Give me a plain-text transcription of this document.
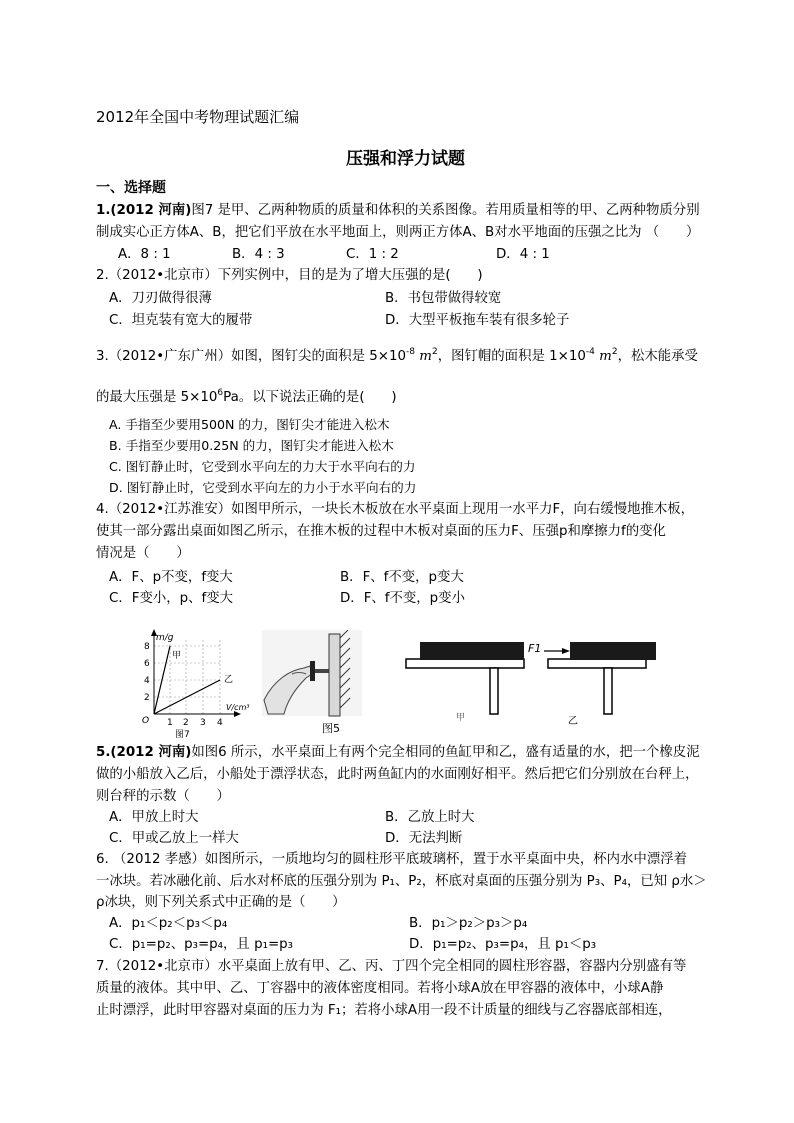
2012年全国中考物理试题汇编
压强和浮力试题
一、选择题
1.(2012 河南)图7 是甲、乙两种物质的质量和体积的关系图像。若用质量相等的甲、乙两种物质分别
制成实心正方体A、B，把它们平放在水平地面上，则两正方体A、B对水平地面的压强之比为 （　　）
A．8 : 1	B．4 : 3	C．1 : 2	D．4 : 1
2.（2012•北京市）下列实例中，目的是为了增大压强的是(　　)
A．刀刃做得很薄	B．书包带做得较宽
C．坦克装有宽大的履带	D．大型平板拖车装有很多轮子
3.（2012•广东广州）如图，图钉尖的面积是 $5\times 10^{-8}$ $m^2$，图钉帽的面积是 $1\times 10^{-4}$ $m^2$，松木能承受
的最大压强是 $5\times 10^6Pa$。以下说法正确的是(　　)
A. 手指至少要用500N 的力，图钉尖才能进入松木
B. 手指至少要用0.25N 的力，图钉尖才能进入松木
C. 图钉静止时，它受到水平向左的力大于水平向右的力
D. 图钉静止时，它受到水平向左的力小于水平向右的力
4.（2012•江苏淮安）如图甲所示，一块长木板放在水平桌面上现用一水平力F，向右缓慢地推木板，
使其一部分露出桌面如图乙所示，在推木板的过程中木板对桌面的压力F、压强p和摩擦力f的变化
情况是（　　）
A．F、p不变，f变大	B．F、f不变，p变大
C．F变小，p、f变大	D．F、f不变，p变小
m/g
8
6
4
2
O 1 2 3 4
V/cm³
甲
乙
图7	图5
甲
F1
乙
5.(2012 河南)如图6 所示，水平桌面上有两个完全相同的鱼缸甲和乙，盛有适量的水，把一个橡皮泥
做的小船放入乙后，小船处于漂浮状态，此时两鱼缸内的水面刚好相平。然后把它们分别放在台秤上，
则台秤的示数（　　）
A．甲放上时大	B．乙放上时大
C．甲或乙放上一样大	D．无法判断
6. （2012 孝感）如图所示，一质地均匀的圆柱形平底玻璃杯，置于水平桌面中央，杯内水中漂浮着
一冰块。若冰融化前、后水对杯底的压强分别为 P₁、P₂，杯底对桌面的压强分别为 P₃、P₄，已知 ρ水＞
ρ冰块，则下列关系式中正确的是（　　）
A．p₁＜p₂＜p₃＜p₄	B．p₁＞p₂＞p₃＞p₄
C．p₁=p₂、p₃=p₄，且 p₁=p₃	D．p₁=p₂、p₃=p₄，且 p₁＜p₃
7.（2012•北京市）水平桌面上放有甲、乙、丙、丁四个完全相同的圆柱形容器，容器内分别盛有等
质量的液体。其中甲、乙、丁容器中的液体密度相同。若将小球A放在甲容器的液体中，小球A静
止时漂浮，此时甲容器对桌面的压力为 F₁；若将小球A用一段不计质量的细线与乙容器底部相连，
